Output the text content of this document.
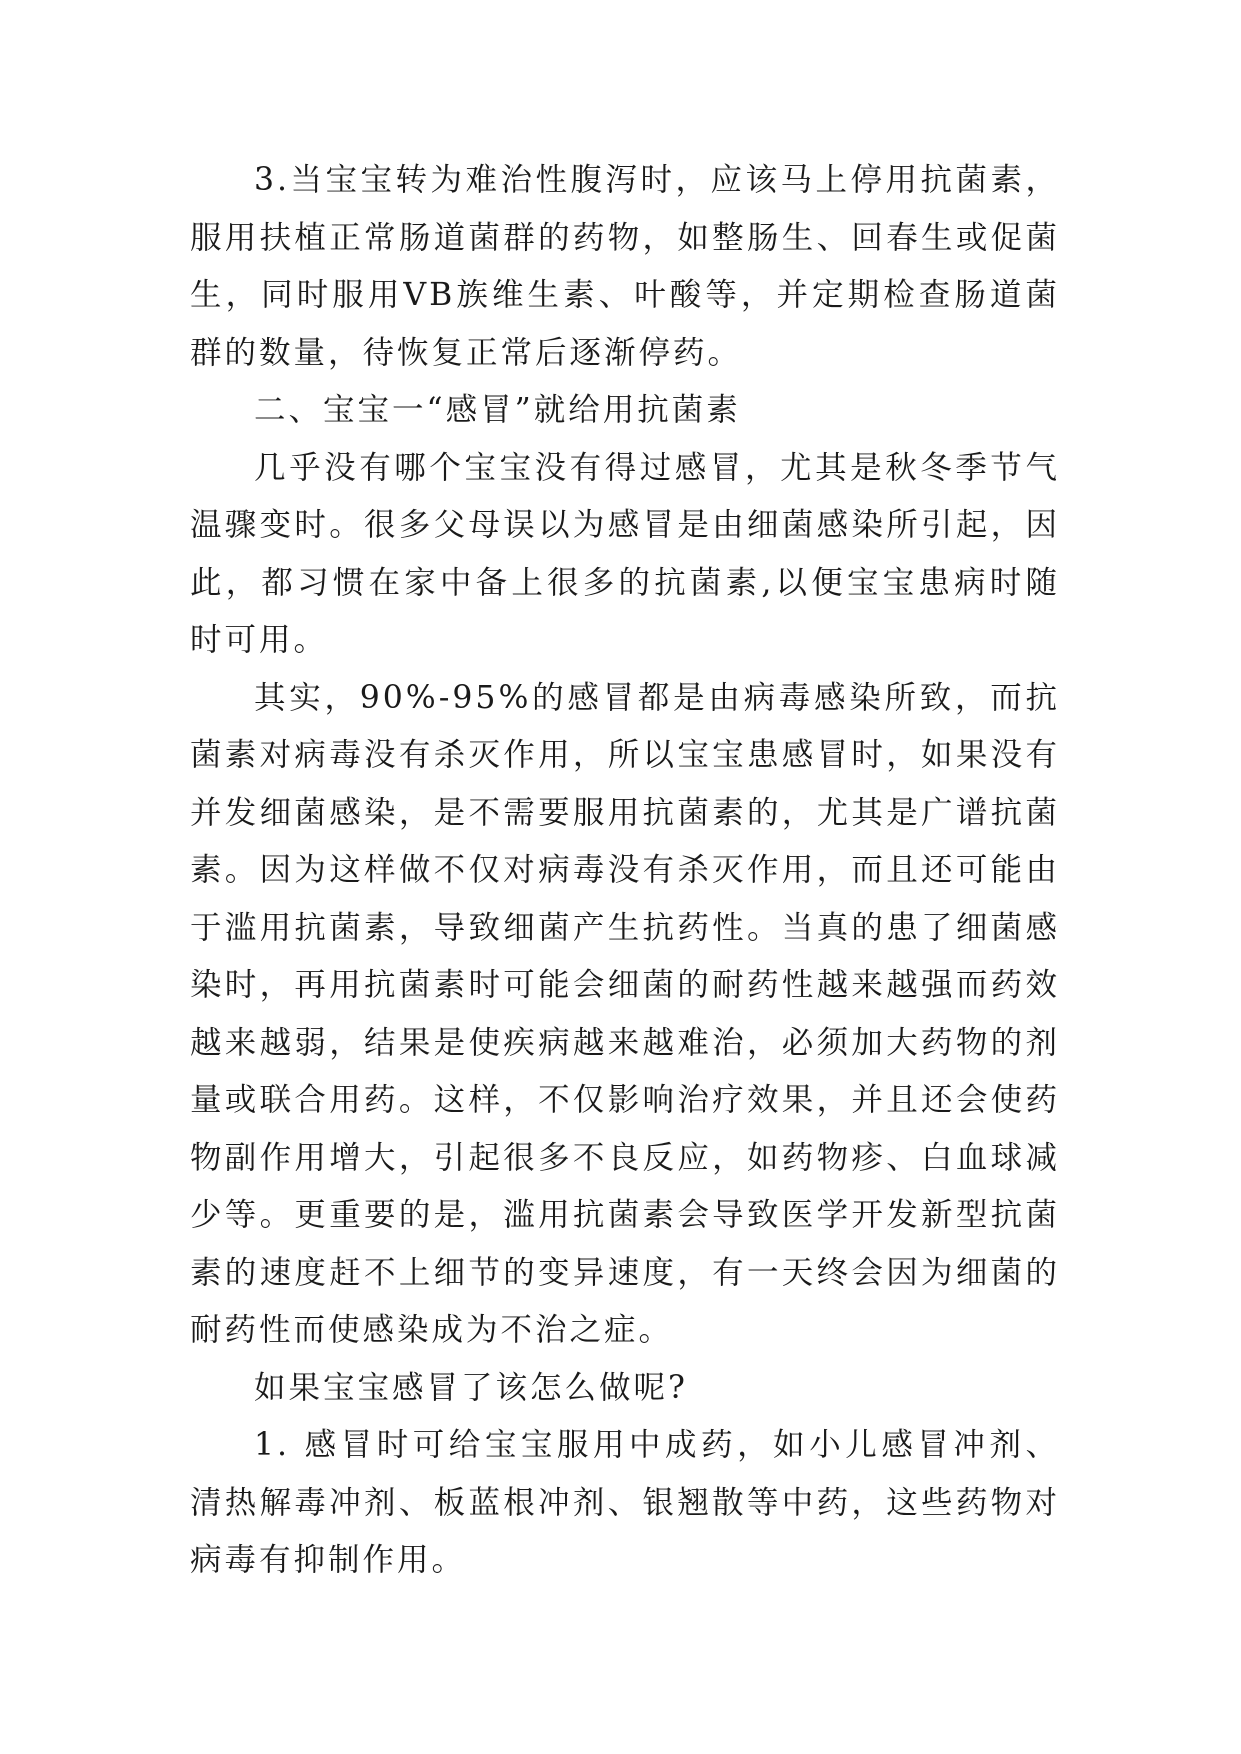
3.当宝宝转为难治性腹泻时，应该马上停用抗菌素，服用扶植正常肠道菌群的药物，如整肠生、回春生或促菌生，同时服用VB族维生素、叶酸等，并定期检查肠道菌群的数量，待恢复正常后逐渐停药。

二、宝宝一“感冒”就给用抗菌素

几乎没有哪个宝宝没有得过感冒，尤其是秋冬季节气温骤变时。很多父母误以为感冒是由细菌感染所引起，因此，都习惯在家中备上很多的抗菌素,以便宝宝患病时随时可用。

其实，90%-95%的感冒都是由病毒感染所致，而抗菌素对病毒没有杀灭作用，所以宝宝患感冒时，如果没有并发细菌感染，是不需要服用抗菌素的，尤其是广谱抗菌素。因为这样做不仅对病毒没有杀灭作用，而且还可能由于滥用抗菌素，导致细菌产生抗药性。当真的患了细菌感染时，再用抗菌素时可能会细菌的耐药性越来越强而药效越来越弱，结果是使疾病越来越难治，必须加大药物的剂量或联合用药。这样，不仅影响治疗效果，并且还会使药物副作用增大，引起很多不良反应，如药物疹、白血球减少等。更重要的是，滥用抗菌素会导致医学开发新型抗菌素的速度赶不上细节的变异速度，有一天终会因为细菌的耐药性而使感染成为不治之症。

如果宝宝感冒了该怎么做呢?

1. 感冒时可给宝宝服用中成药，如小儿感冒冲剂、清热解毒冲剂、板蓝根冲剂、银翘散等中药，这些药物对病毒有抑制作用。
